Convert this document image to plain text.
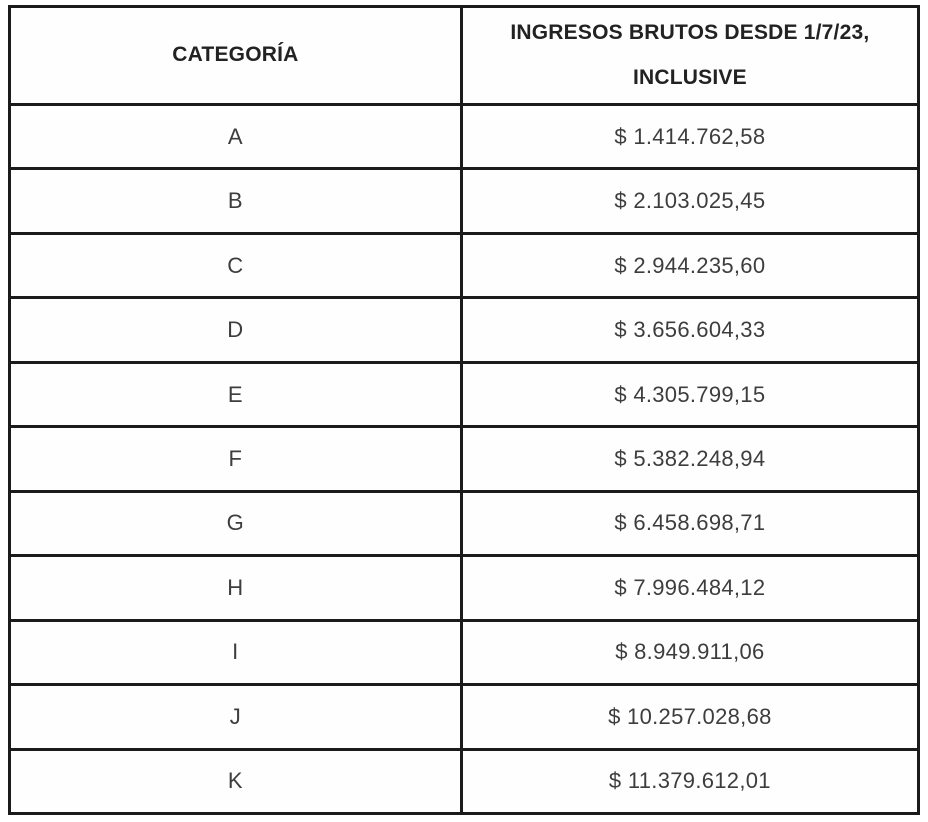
CATEGORÍA	INGRESOS BRUTOS DESDE 1/7/23, INCLUSIVE
A	$ 1.414.762,58
B	$ 2.103.025,45
C	$ 2.944.235,60
D	$ 3.656.604,33
E	$ 4.305.799,15
F	$ 5.382.248,94
G	$ 6.458.698,71
H	$ 7.996.484,12
I	$ 8.949.911,06
J	$ 10.257.028,68
K	$ 11.379.612,01
